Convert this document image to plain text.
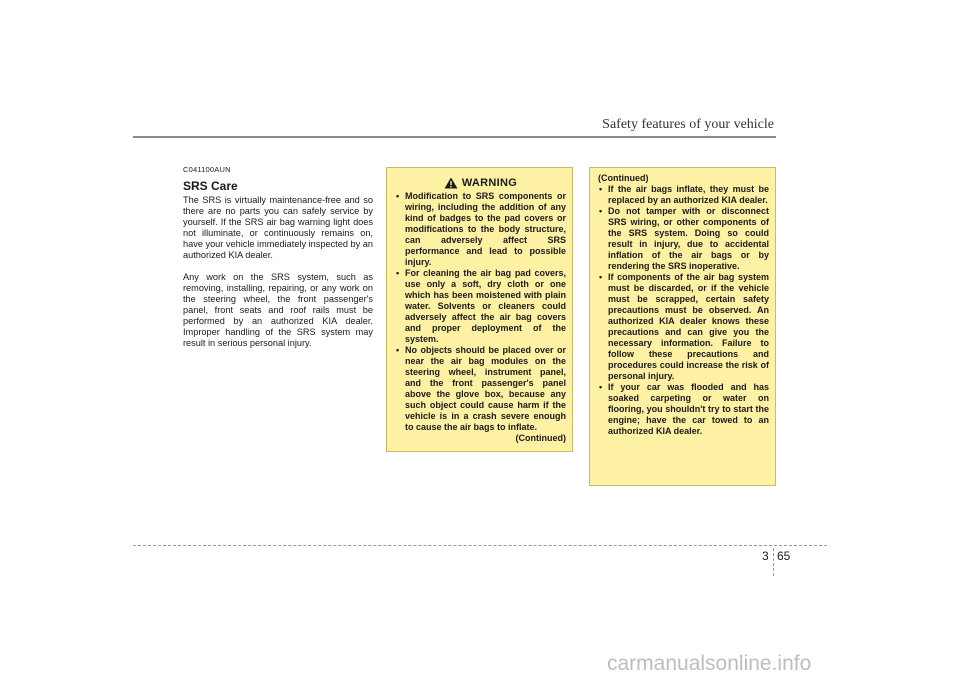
Safety features of your vehicle
C041100AUN
SRS Care

The SRS is virtually maintenance-free and so there are no parts you can safely service by yourself. If the SRS air bag warning light does not illuminate, or continuously remains on, have your vehicle immediately inspected by an authorized KIA dealer.

Any work on the SRS system, such as removing, installing, repairing, or any work on the steering wheel, the front passenger's panel, front seats and roof rails must be performed by an authorized KIA dealer. Improper handling of the SRS system may result in serious personal injury.

WARNING
• Modification to SRS components or wiring, including the addition of any kind of badges to the pad covers or modifications to the body structure, can adversely affect SRS performance and lead to possible injury.
• For cleaning the air bag pad covers, use only a soft, dry cloth or one which has been moistened with plain water. Solvents or cleaners could adversely affect the air bag covers and proper deployment of the system.
• No objects should be placed over or near the air bag modules on the steering wheel, instrument panel, and the front passenger's panel above the glove box, because any such object could cause harm if the vehicle is in a crash severe enough to cause the air bags to inflate.
(Continued)
(Continued)
• If the air bags inflate, they must be replaced by an authorized KIA dealer.
• Do not tamper with or disconnect SRS wiring, or other components of the SRS system. Doing so could result in injury, due to accidental inflation of the air bags or by rendering the SRS inoperative.
• If components of the air bag system must be discarded, or if the vehicle must be scrapped, certain safety precautions must be observed. An authorized KIA dealer knows these precautions and can give you the necessary information. Failure to follow these precautions and procedures could increase the risk of personal injury.
• If your car was flooded and has soaked carpeting or water on flooring, you shouldn't try to start the engine; have the car towed to an authorized KIA dealer.
3 65
carmanualsonline.info
